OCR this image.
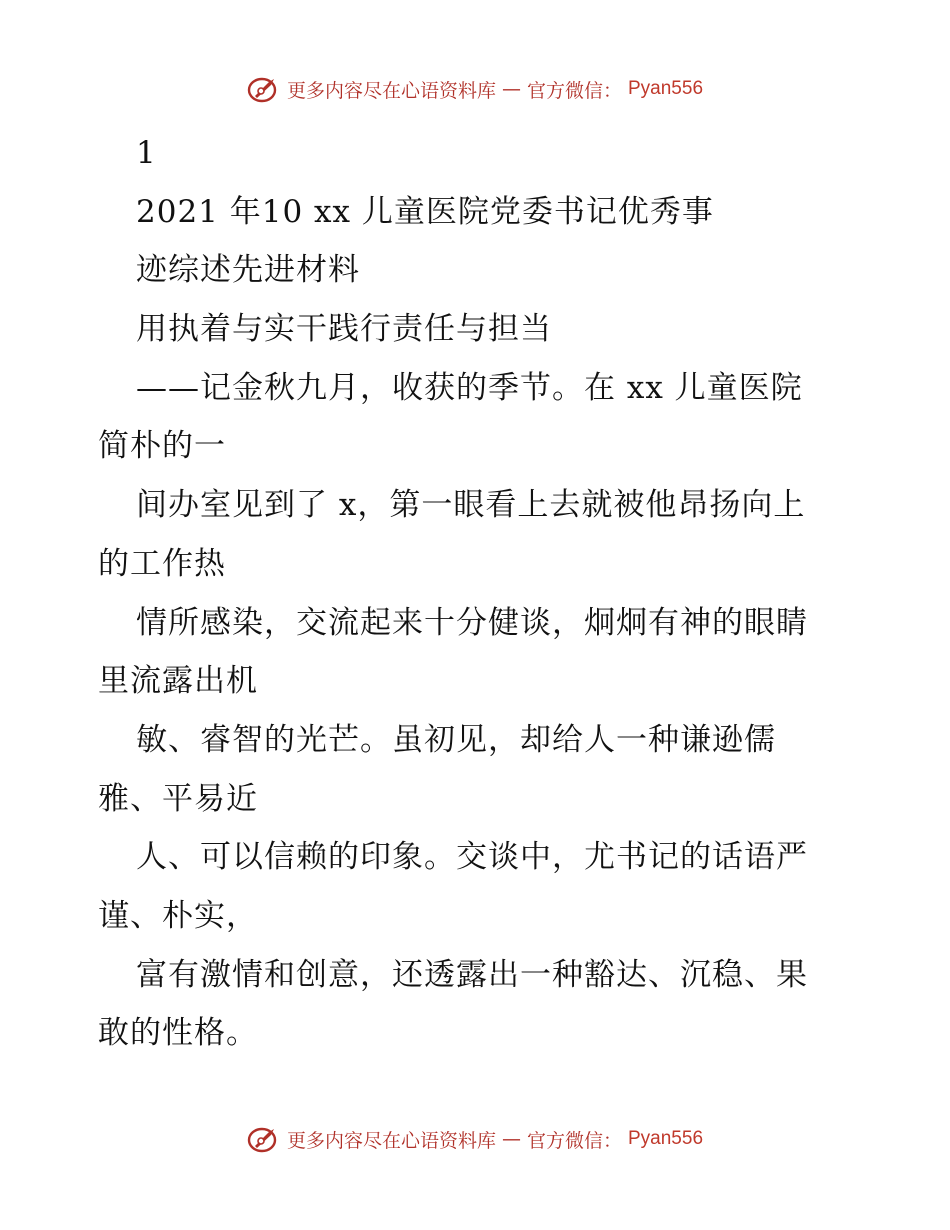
更多内容尽在心语资料库 — 官方微信： Pyan556
1
2021 年10 xx 儿童医院党委书记优秀事
迹综述先进材料
用执着与实干践行责任与担当
——记金秋九月，收获的季节。在 xx 儿童医院
简朴的一
间办室见到了 x，第一眼看上去就被他昂扬向上
的工作热
情所感染，交流起来十分健谈，炯炯有神的眼睛
里流露出机
敏、睿智的光芒。虽初见，却给人一种谦逊儒
雅、平易近
人、可以信赖的印象。交谈中，尤书记的话语严
谨、朴实，
富有激情和创意，还透露出一种豁达、沉稳、果
敢的性格。
更多内容尽在心语资料库 — 官方微信： Pyan556
